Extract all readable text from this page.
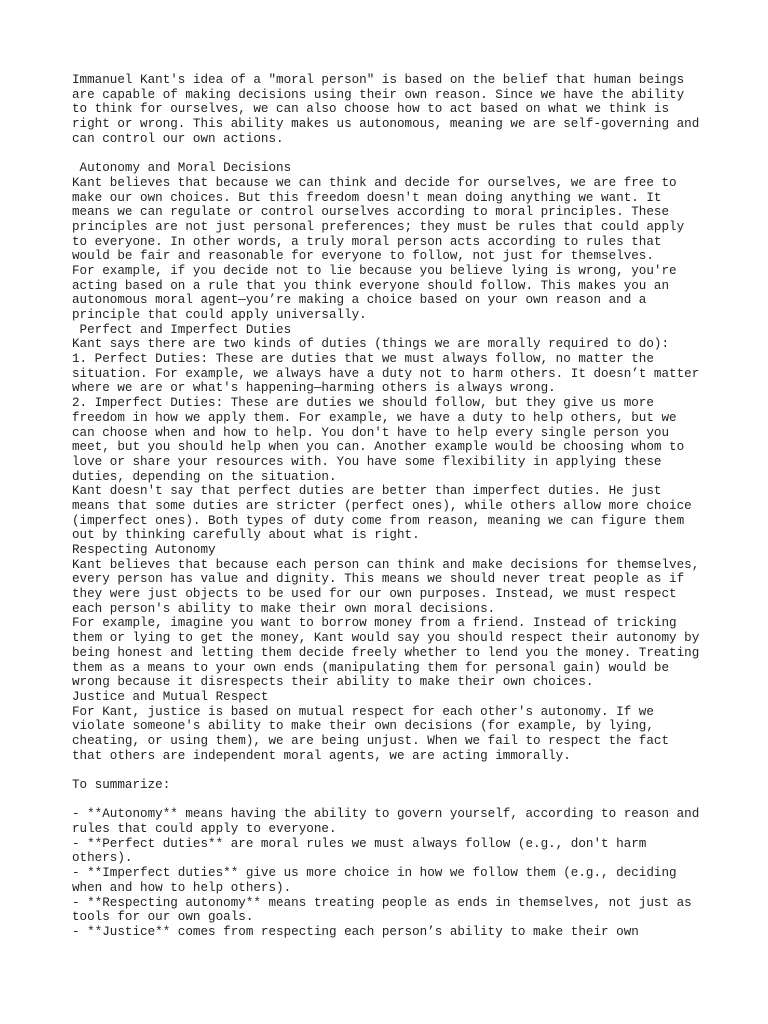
Immanuel Kant's idea of a "moral person" is based on the belief that human beings
are capable of making decisions using their own reason. Since we have the ability
to think for ourselves, we can also choose how to act based on what we think is
right or wrong. This ability makes us autonomous, meaning we are self-governing and
can control our own actions.
Autonomy and Moral Decisions
Kant believes that because we can think and decide for ourselves, we are free to
make our own choices. But this freedom doesn't mean doing anything we want. It
means we can regulate or control ourselves according to moral principles. These
principles are not just personal preferences; they must be rules that could apply
to everyone. In other words, a truly moral person acts according to rules that
would be fair and reasonable for everyone to follow, not just for themselves.
For example, if you decide not to lie because you believe lying is wrong, you're
acting based on a rule that you think everyone should follow. This makes you an
autonomous moral agent—you’re making a choice based on your own reason and a
principle that could apply universally.
Perfect and Imperfect Duties
Kant says there are two kinds of duties (things we are morally required to do):
1. Perfect Duties: These are duties that we must always follow, no matter the
situation. For example, we always have a duty not to harm others. It doesn’t matter
where we are or what's happening—harming others is always wrong.
2. Imperfect Duties: These are duties we should follow, but they give us more
freedom in how we apply them. For example, we have a duty to help others, but we
can choose when and how to help. You don't have to help every single person you
meet, but you should help when you can. Another example would be choosing whom to
love or share your resources with. You have some flexibility in applying these
duties, depending on the situation.
Kant doesn't say that perfect duties are better than imperfect duties. He just
means that some duties are stricter (perfect ones), while others allow more choice
(imperfect ones). Both types of duty come from reason, meaning we can figure them
out by thinking carefully about what is right.
Respecting Autonomy
Kant believes that because each person can think and make decisions for themselves,
every person has value and dignity. This means we should never treat people as if
they were just objects to be used for our own purposes. Instead, we must respect
each person's ability to make their own moral decisions.
For example, imagine you want to borrow money from a friend. Instead of tricking
them or lying to get the money, Kant would say you should respect their autonomy by
being honest and letting them decide freely whether to lend you the money. Treating
them as a means to your own ends (manipulating them for personal gain) would be
wrong because it disrespects their ability to make their own choices.
Justice and Mutual Respect
For Kant, justice is based on mutual respect for each other's autonomy. If we
violate someone's ability to make their own decisions (for example, by lying,
cheating, or using them), we are being unjust. When we fail to respect the fact
that others are independent moral agents, we are acting immorally.
To summarize:
- **Autonomy** means having the ability to govern yourself, according to reason and
rules that could apply to everyone.
- **Perfect duties** are moral rules we must always follow (e.g., don't harm
others).
- **Imperfect duties** give us more choice in how we follow them (e.g., deciding
when and how to help others).
- **Respecting autonomy** means treating people as ends in themselves, not just as
tools for our own goals.
- **Justice** comes from respecting each person’s ability to make their own
